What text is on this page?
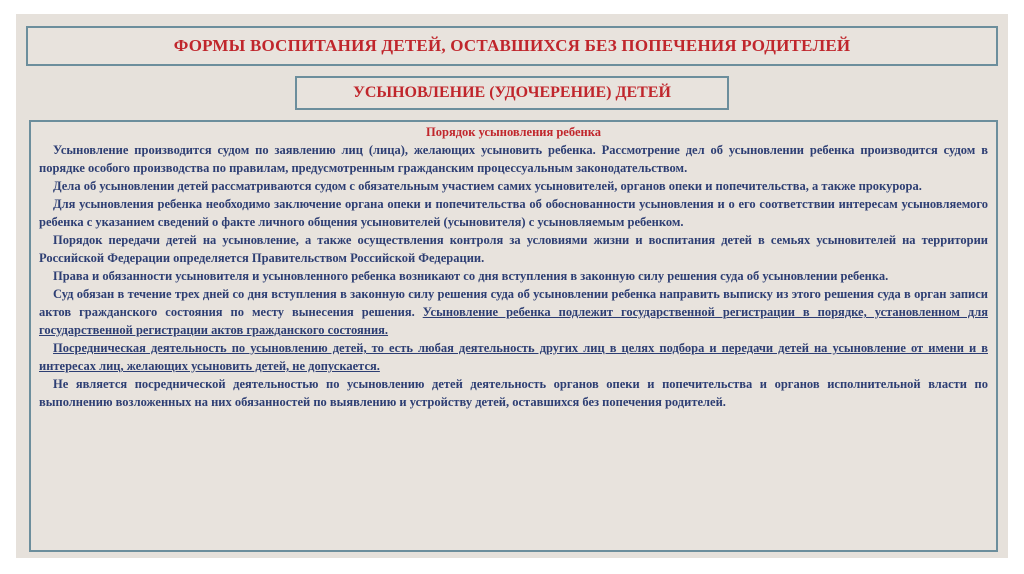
ФОРМЫ ВОСПИТАНИЯ ДЕТЕЙ, ОСТАВШИХСЯ БЕЗ ПОПЕЧЕНИЯ РОДИТЕЛЕЙ
УСЫНОВЛЕНИЕ (УДОЧЕРЕНИЕ) ДЕТЕЙ

Порядок усыновления ребенка

Усыновление производится судом по заявлению лиц (лица), желающих усыновить ребенка. Рассмотрение дел об усыновлении ребенка производится судом в порядке особого производства по правилам, предусмотренным гражданским процессуальным законодательством.

Дела об усыновлении детей рассматриваются судом с обязательным участием самих усыновителей, органов опеки и попечительства, а также прокурора.

Для усыновления ребенка необходимо заключение органа опеки и попечительства об обоснованности усыновления и о его соответствии интересам усыновляемого ребенка с указанием сведений о факте личного общения усыновителей (усыновителя) с усыновляемым ребенком.

Порядок передачи детей на усыновление, а также осуществления контроля за условиями жизни и воспитания детей в семьях усыновителей на территории Российской Федерации определяется Правительством Российской Федерации.

Права и обязанности усыновителя и усыновленного ребенка возникают со дня вступления в законную силу решения суда об усыновлении ребенка.

Суд обязан в течение трех дней со дня вступления в законную силу решения суда об усыновлении ребенка направить выписку из этого решения суда в орган записи актов гражданского состояния по месту вынесения решения. Усыновление ребенка подлежит государственной регистрации в порядке, установленном для государственной регистрации актов гражданского состояния.

Посредническая деятельность по усыновлению детей, то есть любая деятельность других лиц в целях подбора и передачи детей на усыновление от имени и в интересах лиц, желающих усыновить детей, не допускается.

Не является посреднической деятельностью по усыновлению детей деятельность органов опеки и попечительства и органов исполнительной власти по выполнению возложенных на них обязанностей по выявлению и устройству детей, оставшихся без попечения родителей.
